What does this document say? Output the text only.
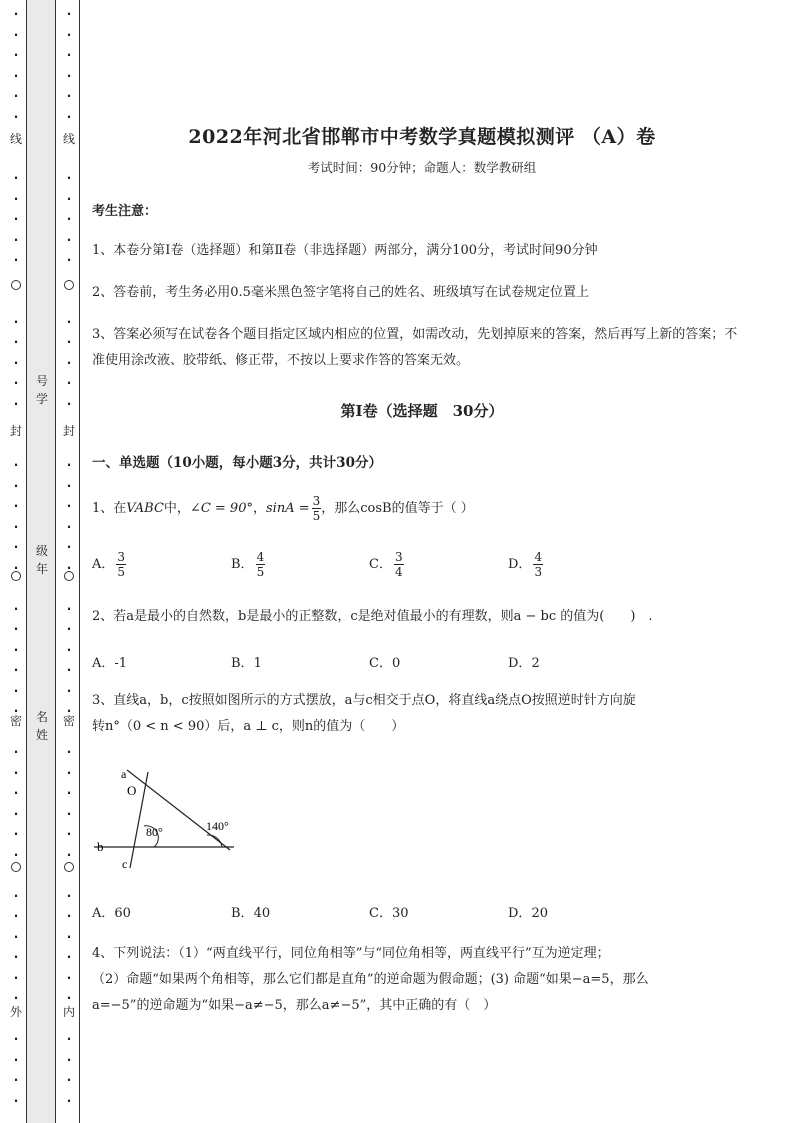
·
·
·
·
·
·
·
·
·
·
·
·
·
·
·
·
·
·
·
·
·
·
·
·
·
·
·
·
·
·
·
·
·
·
·
·
·
·
·
·
·
·
·
·
线
封
密
外
号
学
级
年
名
姓
·
·
·
·
·
·
·
·
·
·
·
·
·
·
·
·
·
·
·
·
·
·
·
·
·
·
·
·
·
·
·
·
·
·
·
·
·
·
·
·
·
·
·
·
线
封
密
内
2022年河北省邯郸市中考数学真题模拟测评 （A）卷
考试时间：90分钟；命题人：数学教研组
考生注意：
1、本卷分第I卷（选择题）和第Ⅱ卷（非选择题）两部分，满分100分，考试时间90分钟
2、答卷前，考生务必用0.5毫米黑色签字笔将自己的姓名、班级填写在试卷规定位置上
3、答案必须写在试卷各个题目指定区域内相应的位置，如需改动，先划掉原来的答案，然后再写上新的答案；不准使用涂改液、胶带纸、修正带，不按以上要求作答的答案无效。
第I卷（选择题　30分）
一、单选题（10小题，每小题3分，共计30分）
1、在VABC中，∠C = 90°，$\sin A = \frac{3}{5}$ ，那么cosB的值等于（ ）
A． $\frac{3}{5}$	B． $\frac{4}{5}$	C． $\frac{3}{4}$	D． $\frac{4}{3}$
2、若a是最小的自然数，b是最小的正整数，c是绝对值最小的有理数，则a − bc 的值为(　　)　.
A．-1	B．1	C．0	D．2
3、直线a，b，c按照如图所示的方式摆放，a与c相交于点O，将直线a绕点O按照逆时针方向旋
转n°（0 < n < 90）后，a ⊥ c，则n的值为（　　）
a
O
b
c
80°	140°
A．60	B．40	C．30	D．20
4、下列说法：（1）“两直线平行，同位角相等”与“同位角相等，两直线平行”互为逆定理；
（2）命题“如果两个角相等，那么它们都是直角”的逆命题为假命题；(3) 命题“如果−a=5，那么
a=−5”的逆命题为“如果−a≠−5，那么a≠−5”，其中正确的有（　）
